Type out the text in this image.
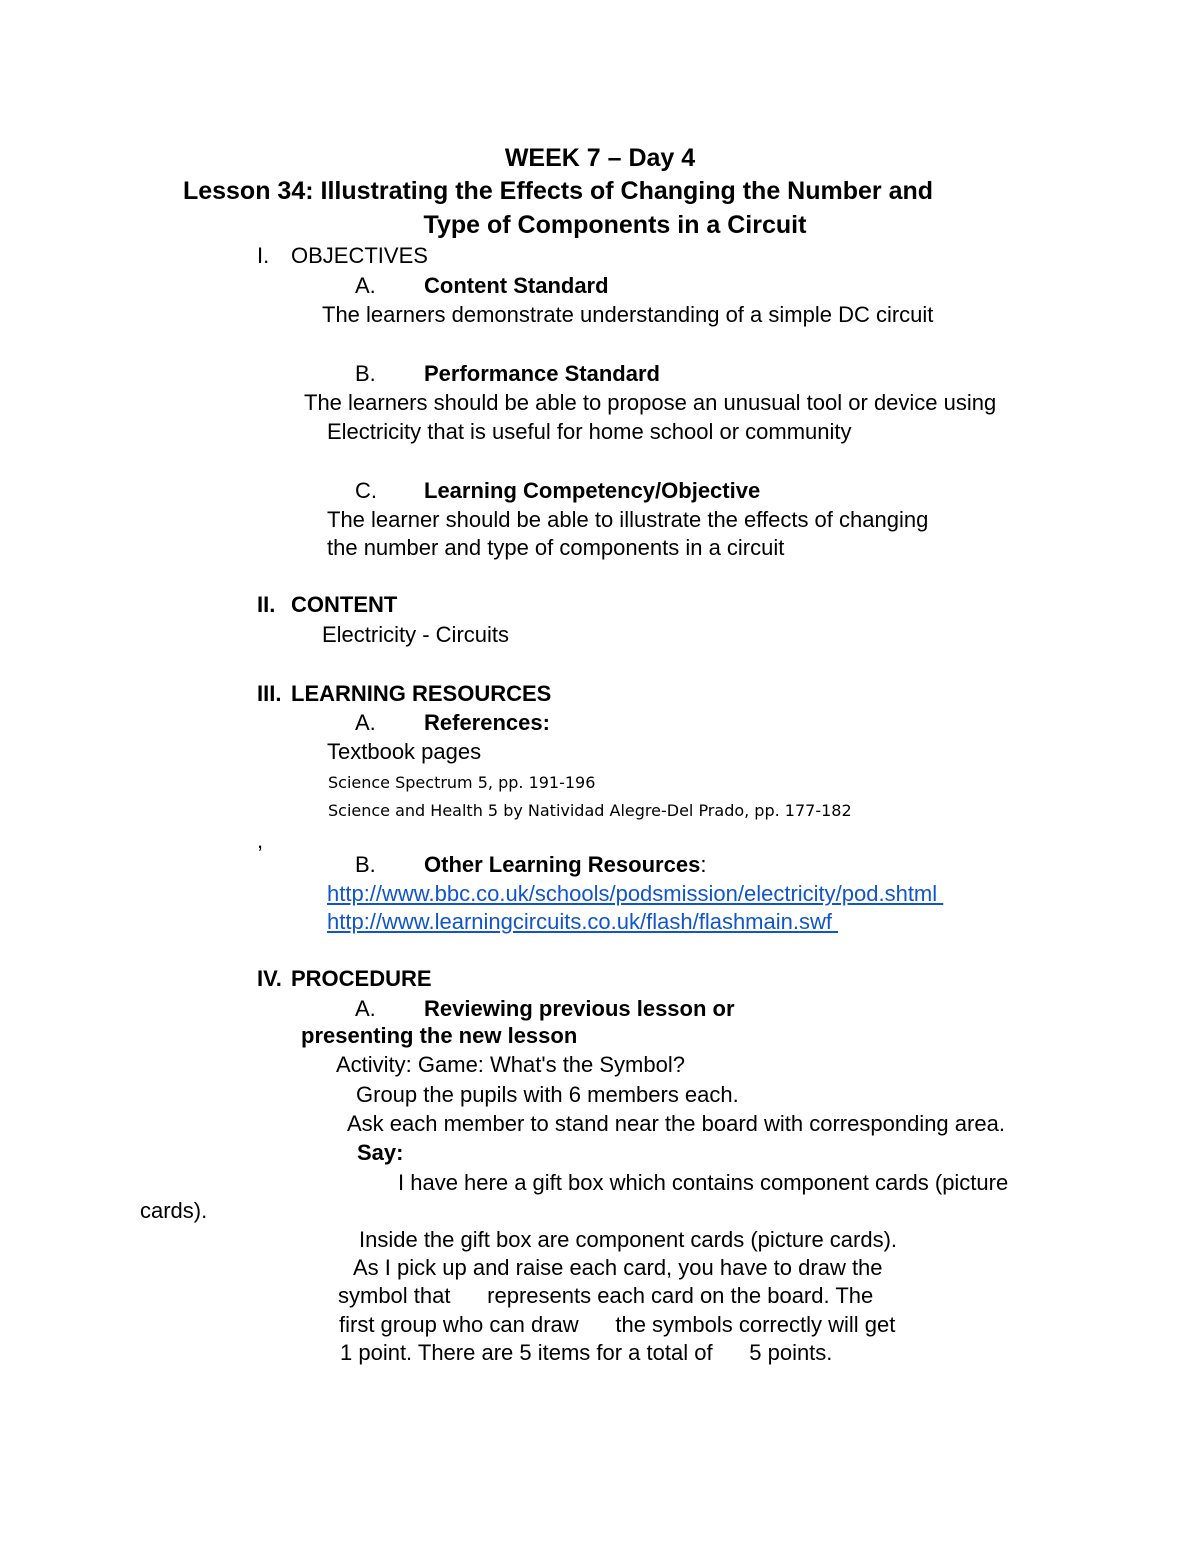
WEEK 7 – Day 4
Lesson 34: Illustrating the Effects of Changing the Number and
Type of Components in a Circuit
I. OBJECTIVES
A. Content Standard
The learners demonstrate understanding of a simple DC circuit
B. Performance Standard
The learners should be able to propose an unusual tool or device using
Electricity that is useful for home school or community
C. Learning Competency/Objective
The learner should be able to illustrate the effects of changing
the number and type of components in a circuit
II. CONTENT
Electricity - Circuits
III. LEARNING RESOURCES
A. References:
Textbook pages
Science Spectrum 5, pp. 191-196
Science and Health 5 by Natividad Alegre-Del Prado, pp. 177-182
,
B. Other Learning Resources:
http://www.bbc.co.uk/schools/podsmission/electricity/pod.shtml
http://www.learningcircuits.co.uk/flash/flashmain.swf
IV. PROCEDURE
A. Reviewing previous lesson or
presenting the new lesson
Activity: Game: What's the Symbol?
Group the pupils with 6 members each.
Ask each member to stand near the board with corresponding area.
Say:
I have here a gift box which contains component cards (picture
cards).
Inside the gift box are component cards (picture cards).
As I pick up and raise each card, you have to draw the
symbol that      represents each card on the board. The
first group who can draw      the symbols correctly will get
1 point. There are 5 items for a total of      5 points.
